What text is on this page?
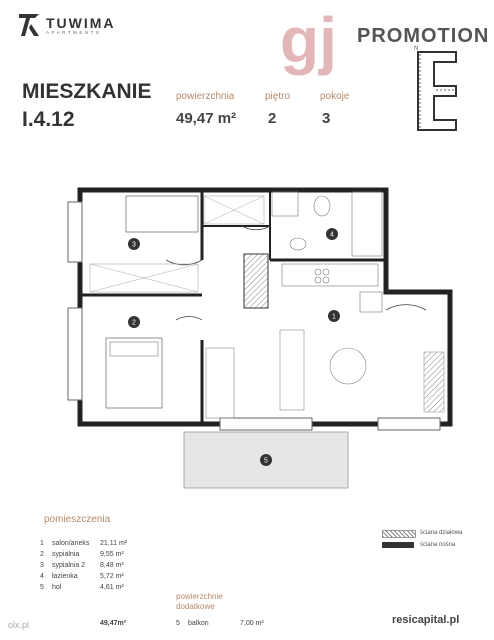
TUWIMA
APARTMENTS	gj PROMOTION
N
MIESZKANIE
I.4.12
powierzchnia
49,47 m²
piętro
2
pokoje
3
3
2
4
1
5
pomieszczenia
1	salon/aneks	21,11 m²
2	sypialnia	9,55 m²
3	sypialnia 2	8,48 m²
4	łazienka	5,72 m²
5	hol	4,61 m²
49,47m²
powierzchnie
dodatkowe
5 balkon	7,00 m²
ściana działowa
ściana nośna
resicapital.pl
olx.pl
